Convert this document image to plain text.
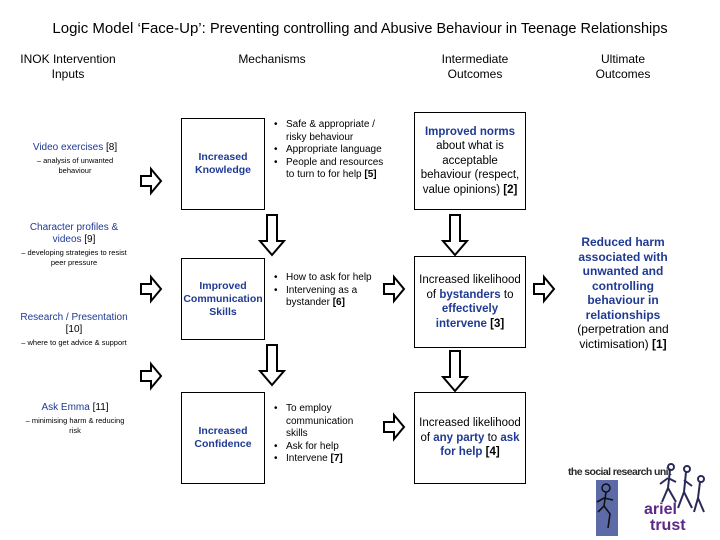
Logic Model ‘Face-Up’: Preventing controlling and Abusive Behaviour in Teenage Relationships
INOK Intervention Inputs
Mechanisms	Intermediate Outcomes
Ultimate Outcomes
Video exercises [8]
– analysis of unwanted behaviour
Character profiles & videos [9]
– developing strategies to resist peer pressure
Research / Presentation [10]
– where to get advice & support
Ask Emma [11]
– minimising harm & reducing risk
Increased Knowledge
Improved Communication Skills
Increased Confidence
• Safe & appropriate / risky behaviour
• Appropriate language
• People and resources to turn to for help [5]
• How to ask for help
• Intervening as a bystander [6]
• To employ communication skills
• Ask for help
• Intervene [7]
Improved norms about what is acceptable behaviour (respect, value opinions) [2]
Increased likelihood of bystanders to effectively intervene [3]
Increased likelihood of any party to ask for help [4]
Reduced harm associated with unwanted and controlling behaviour in relationships (perpetration and victimisation) [1]
the social research unit
ariel
trust
